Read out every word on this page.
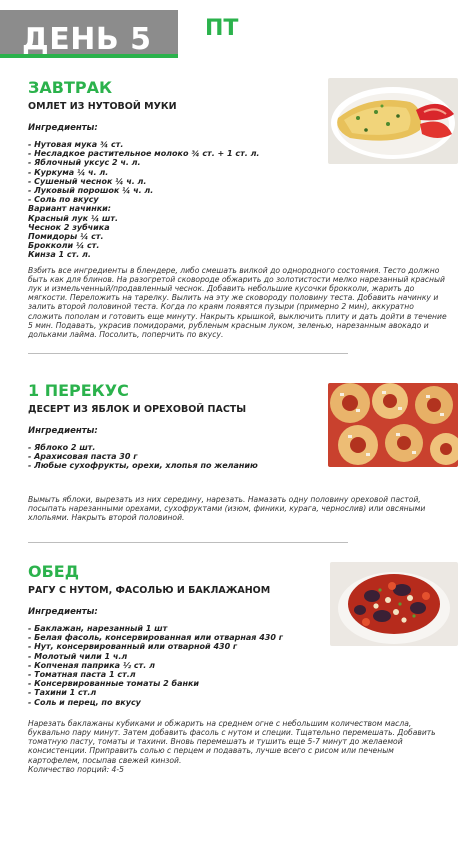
ДЕНЬ 5 ПТ
ЗАВТРАК
ОМЛЕТ ИЗ НУТОВОЙ МУКИ
Ингредиенты:
- Нутовая мука ¾ ст.
- Несладкое растительное молоко ¾ ст. + 1 ст. л.
- Яблочный уксус 2 ч. л.
- Куркума ¼ ч. л.
- Сушеный чеснок ¼ ч. л.
- Луковый порошок ¼ ч. л.
- Соль по вкусу
Вариант начинки:
Красный лук ¼ шт.
Чеснок 2 зубчика
Помидоры ¼ ст.
Брокколи ¼ ст.
Кинза 1 ст. л.

Взбить все ингредиенты в блендере, либо смешать вилкой до однородного состояния. Тесто должно быть как для блинов. На разогретой сковороде обжарить до золотистости мелко нарезанный красный лук и измельченный/продавленный чеснок. Добавить небольшие кусочки брокколи, жарить до мягкости. Переложить на тарелку. Вылить на эту же сковороду половину теста. Добавить начинку и залить второй половиной теста. Когда по краям появятся пузыри (примерно 2 мин), аккуратно сложить пополам и готовить еще минуту. Накрыть крышкой, выключить плиту и дать дойти в течение 5 мин. Подавать, украсив помидорами, рубленым красным луком, зеленью, нарезанным авокадо и дольками лайма. Посолить, поперчить по вкусу.

1 ПЕРЕКУС
ДЕСЕРТ ИЗ ЯБЛОК И ОРЕХОВОЙ ПАСТЫ
Ингредиенты:
- Яблоко 2 шт.
- Арахисовая паста 30 г
- Любые сухофрукты, орехи, хлопья по желанию

Вымыть яблоки, вырезать из них середину, нарезать. Намазать одну половину ореховой пастой, посыпать нарезанными орехами, сухофруктами (изюм, финики, курага, чернослив) или овсяными хлопьями. Накрыть второй половиной.

ОБЕД
РАГУ С НУТОМ, ФАСОЛЬЮ И БАКЛАЖАНОМ
Ингредиенты:
- Баклажан, нарезанный 1 шт
- Белая фасоль, консервированная или отварная 430 г
- Нут, консервированный или отварной 430 г
- Молотый чили 1 ч.л
- Копченая паприка ½ ст. л
- Томатная паста 1 ст.л
- Консервированные томаты 2 банки
- Тахини 1 ст.л
- Соль и перец, по вкусу

Нарезать баклажаны кубиками и обжарить на среднем огне с небольшим количеством масла, буквально пару минут. Затем добавить фасоль с нутом и специи. Тщательно перемешать. Добавить томатную пасту, томаты и тахини. Вновь перемешать и тушить еще 5-7 минут до желаемой консистенции. Приправить солью с перцем и подавать, лучше всего с рисом или печеным картофелем, посыпав свежей кинзой.

Количество порций: 4-5
